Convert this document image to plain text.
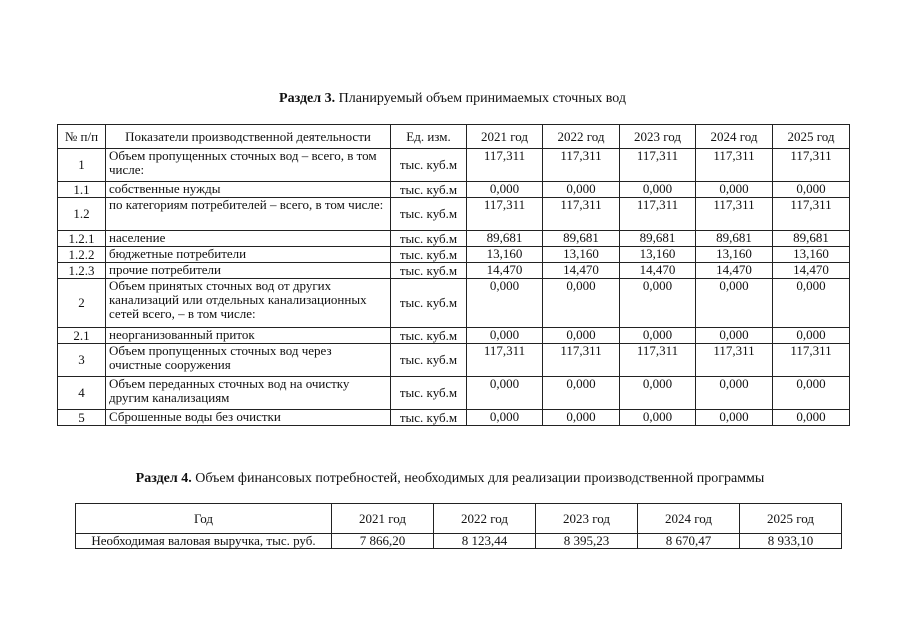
Раздел 3. Планируемый объем принимаемых сточных вод
№ п/п	Показатели производственной деятельности	Ед. изм.	2021 год	2022 год	2023 год	2024 год	2025 год
1	Объем пропущенных сточных вод – всего, в том числе:	тыс. куб.м	117,311	117,311	117,311	117,311	117,311
1.1	собственные нужды	тыс. куб.м	0,000	0,000	0,000	0,000	0,000
1.2	по категориям потребителей – всего, в том числе:	тыс. куб.м	117,311	117,311	117,311	117,311	117,311
1.2.1	население	тыс. куб.м	89,681	89,681	89,681	89,681	89,681
1.2.2	бюджетные потребители	тыс. куб.м	13,160	13,160	13,160	13,160	13,160
1.2.3	прочие потребители	тыс. куб.м	14,470	14,470	14,470	14,470	14,470
2	Объем принятых сточных вод от других канализаций или отдельных канализационных сетей всего, – в том числе:	тыс. куб.м	0,000	0,000	0,000	0,000	0,000
2.1	неорганизованный приток	тыс. куб.м	0,000	0,000	0,000	0,000	0,000
3	Объем пропущенных сточных вод через очистные сооружения	тыс. куб.м	117,311	117,311	117,311	117,311	117,311
4	Объем переданных сточных вод на очистку другим канализациям	тыс. куб.м	0,000	0,000	0,000	0,000	0,000
5	Сброшенные воды без очистки	тыс. куб.м	0,000	0,000	0,000	0,000	0,000
Раздел 4. Объем финансовых потребностей, необходимых для реализации производственной программы
Год	2021 год	2022 год	2023 год	2024 год	2025 год
Необходимая валовая выручка, тыс. руб.	7 866,20	8 123,44	8 395,23	8 670,47	8 933,10
